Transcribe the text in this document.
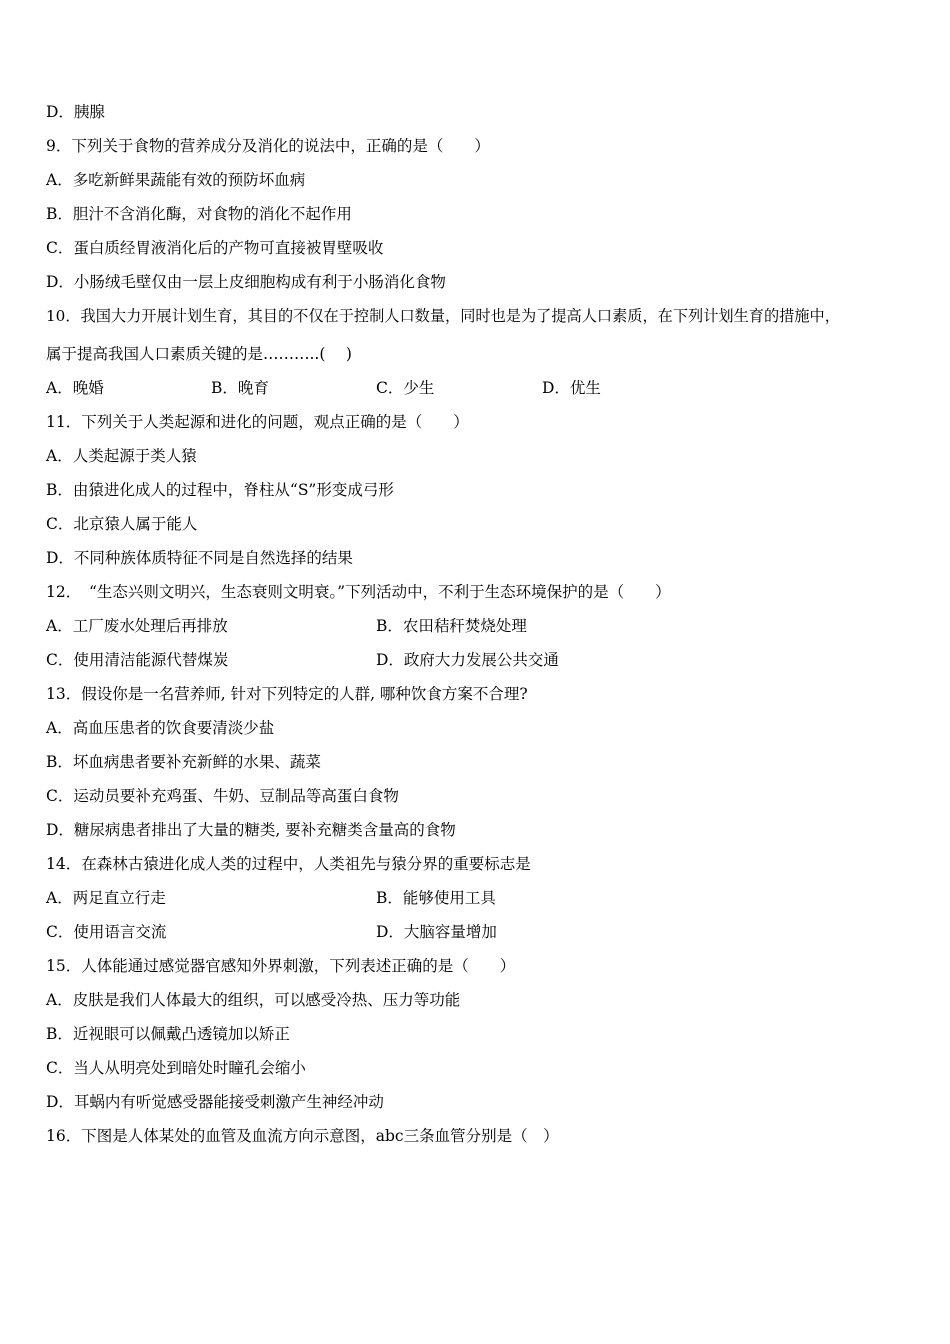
D．胰腺
9．下列关于食物的营养成分及消化的说法中，正确的是（　　）
A．多吃新鲜果蔬能有效的预防坏血病
B．胆汁不含消化酶，对食物的消化不起作用
C．蛋白质经胃液消化后的产物可直接被胃壁吸收
D．小肠绒毛壁仅由一层上皮细胞构成有利于小肠消化食物
10．我国大力开展计划生育，其目的不仅在于控制人口数量，同时也是为了提高人口素质，在下列计划生育的措施中，
属于提高我国人口素质关键的是………..(　 )
A．晚婚	B．晚育	C．少生	D．优生
11．下列关于人类起源和进化的问题，观点正确的是（　　）
A．人类起源于类人猿
B．由猿进化成人的过程中，脊柱从“S”形变成弓形
C．北京猿人属于能人
D．不同种族体质特征不同是自然选择的结果
12．　“生态兴则文明兴，生态衰则文明衰。”下列活动中，不利于生态环境保护的是（　　）
A．工厂废水处理后再排放	B．农田秸秆焚烧处理
C．使用清洁能源代替煤炭	D．政府大力发展公共交通
13．假设你是一名营养师, 针对下列特定的人群, 哪种饮食方案不合理?
A．高血压患者的饮食要清淡少盐
B．坏血病患者要补充新鲜的水果、蔬菜
C．运动员要补充鸡蛋、牛奶、豆制品等高蛋白食物
D．糖尿病患者排出了大量的糖类, 要补充糖类含量高的食物
14．在森林古猿进化成人类的过程中，人类祖先与猿分界的重要标志是
A．两足直立行走	B．能够使用工具
C．使用语言交流	D．大脑容量增加
15．人体能通过感觉器官感知外界刺激，下列表述正确的是（　　）
A．皮肤是我们人体最大的组织，可以感受冷热、压力等功能
B．近视眼可以佩戴凸透镜加以矫正
C．当人从明亮处到暗处时瞳孔会缩小
D．耳蜗内有听觉感受器能接受刺激产生神经冲动
16．下图是人体某处的血管及血流方向示意图，abc三条血管分别是（　）
